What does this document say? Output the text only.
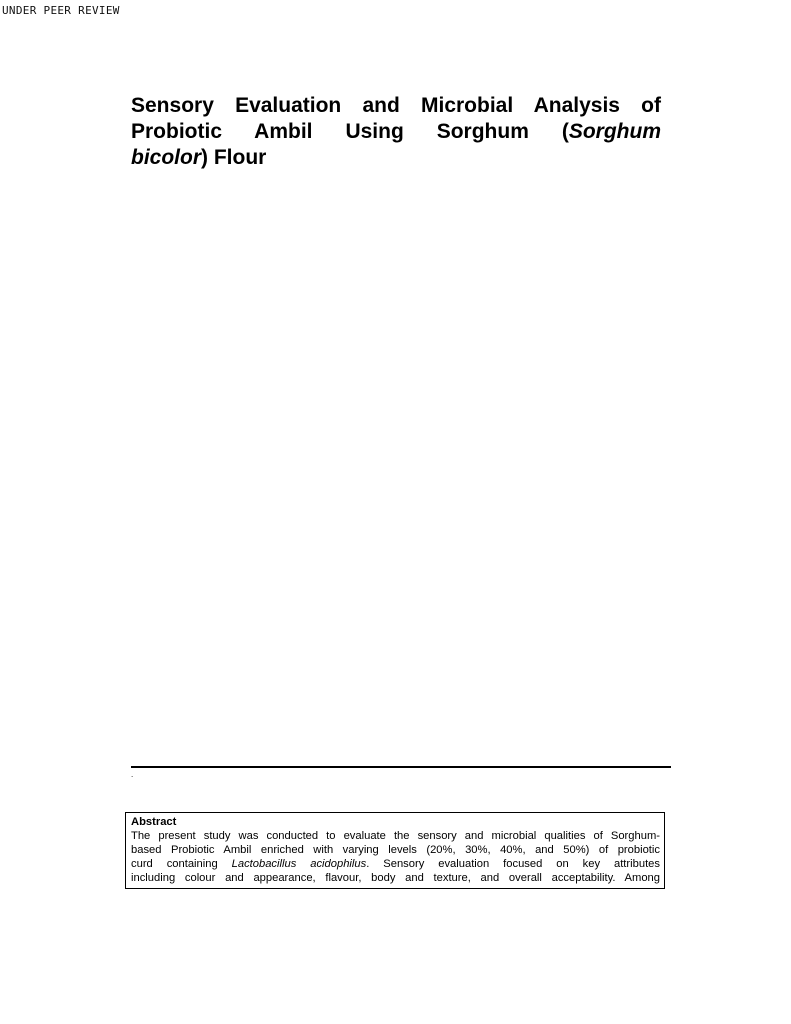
UNDER PEER REVIEW
Sensory Evaluation and Microbial Analysis of
Probiotic Ambil Using Sorghum (Sorghum
bicolor) Flour
.
Abstract

The present study was conducted to evaluate the sensory and microbial qualities of Sorghum-
based Probiotic Ambil enriched with varying levels (20%, 30%, 40%, and 50%) of probiotic
curd containing Lactobacillus acidophilus. Sensory evaluation focused on key attributes
including colour and appearance, flavour, body and texture, and overall acceptability. Among
